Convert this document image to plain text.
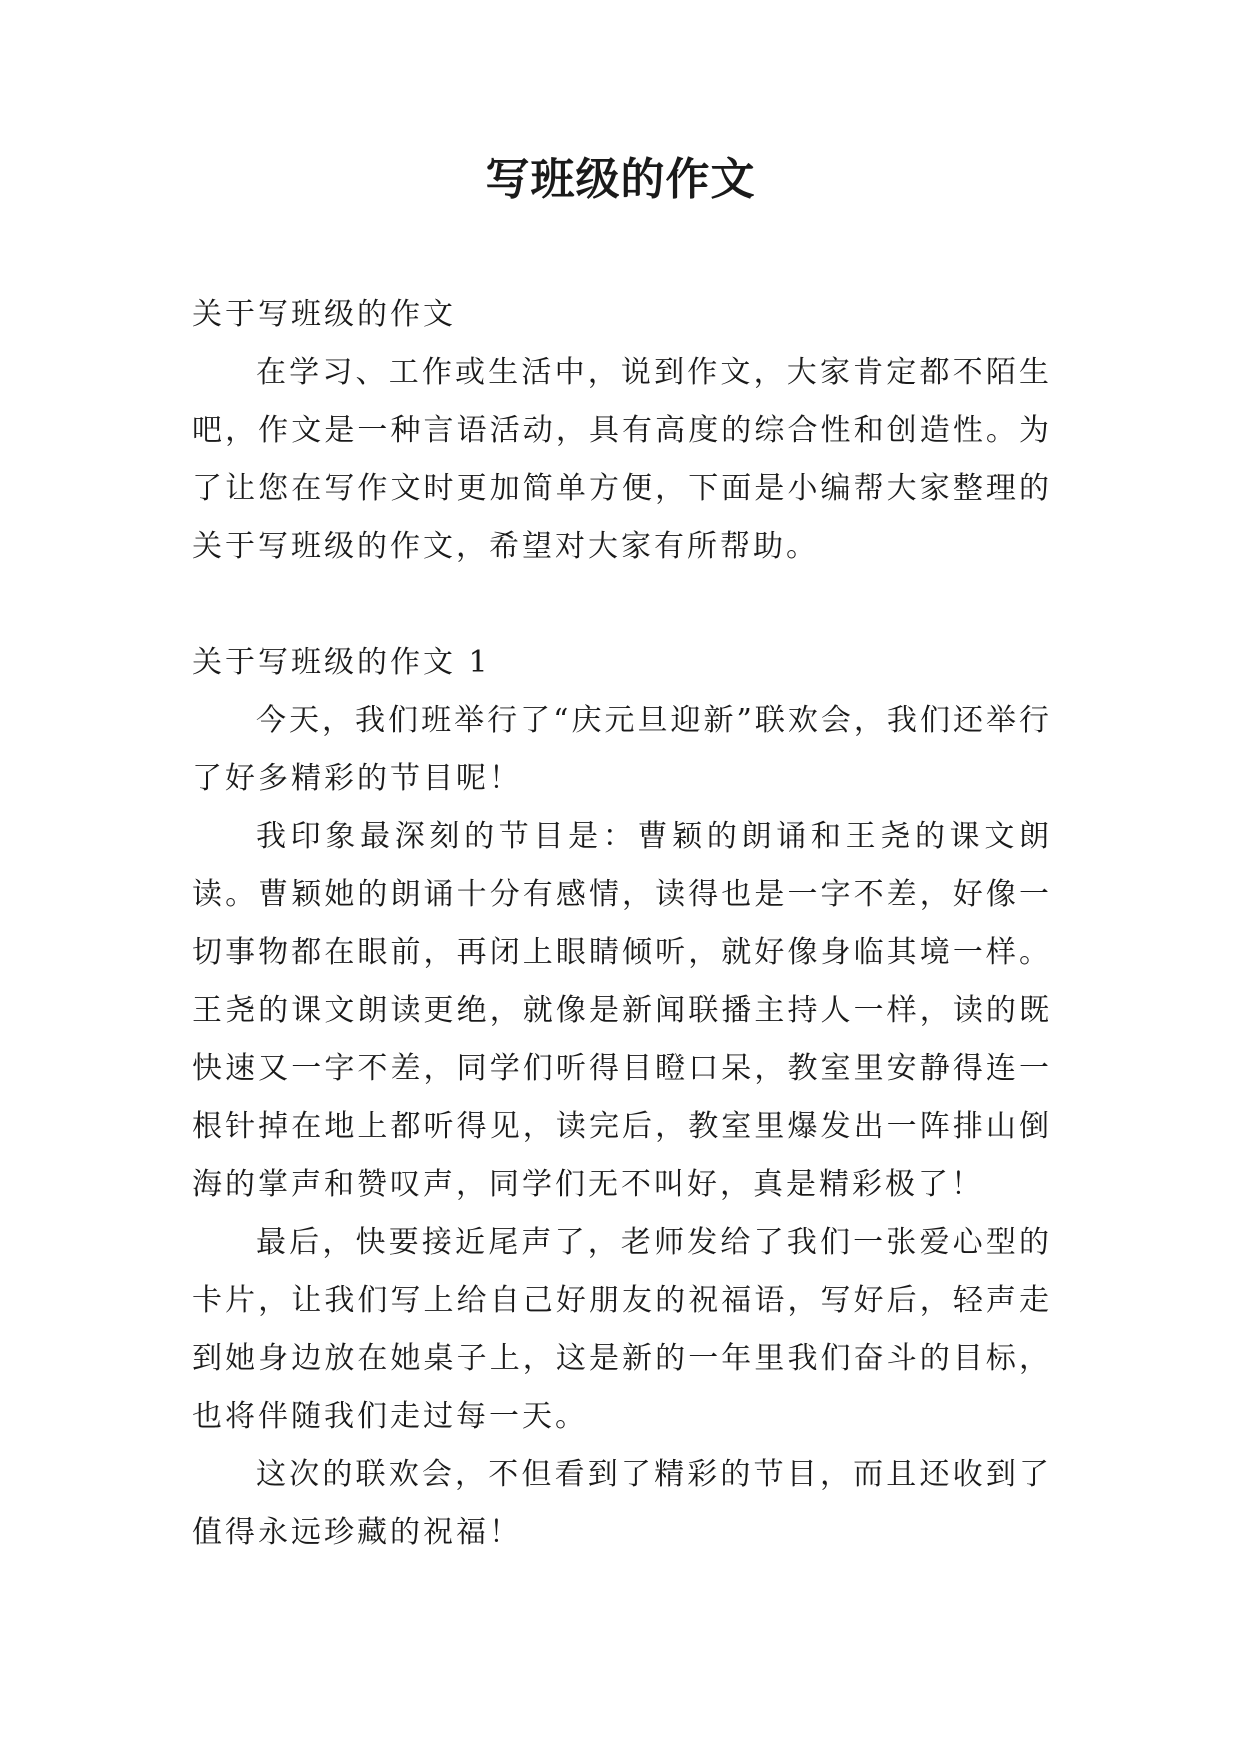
写班级的作文

关于写班级的作文

在学习、工作或生活中，说到作文，大家肯定都不陌生吧，作文是一种言语活动，具有高度的综合性和创造性。为了让您在写作文时更加简单方便，下面是小编帮大家整理的关于写班级的作文，希望对大家有所帮助。

关于写班级的作文 1

今天，我们班举行了“庆元旦迎新”联欢会，我们还举行了好多精彩的节目呢！

我印象最深刻的节目是：曹颖的朗诵和王尧的课文朗读。曹颖她的朗诵十分有感情，读得也是一字不差，好像一切事物都在眼前，再闭上眼睛倾听，就好像身临其境一样。王尧的课文朗读更绝，就像是新闻联播主持人一样，读的既快速又一字不差，同学们听得目瞪口呆，教室里安静得连一根针掉在地上都听得见，读完后，教室里爆发出一阵排山倒海的掌声和赞叹声，同学们无不叫好，真是精彩极了！

最后，快要接近尾声了，老师发给了我们一张爱心型的卡片，让我们写上给自己好朋友的祝福语，写好后，轻声走到她身边放在她桌子上，这是新的一年里我们奋斗的目标，也将伴随我们走过每一天。

这次的联欢会，不但看到了精彩的节目，而且还收到了值得永远珍藏的祝福！
